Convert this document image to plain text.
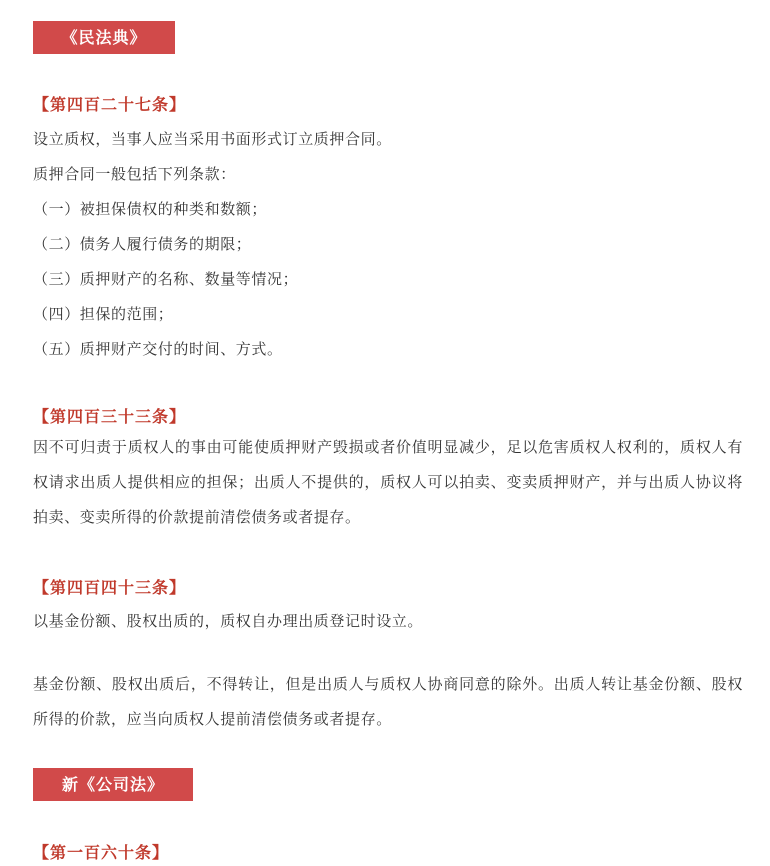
《民法典》
【第四百二十七条】
设立质权，当事人应当采用书面形式订立质押合同。
质押合同一般包括下列条款：
（一）被担保债权的种类和数额；
（二）债务人履行债务的期限；
（三）质押财产的名称、数量等情况；
（四）担保的范围；
（五）质押财产交付的时间、方式。
【第四百三十三条】
因不可归责于质权人的事由可能使质押财产毁损或者价值明显减少，足以危害质权人权利的，质权人有权请求出质人提供相应的担保；出质人不提供的，质权人可以拍卖、变卖质押财产，并与出质人协议将拍卖、变卖所得的价款提前清偿债务或者提存。
【第四百四十三条】
以基金份额、股权出质的，质权自办理出质登记时设立。
基金份额、股权出质后，不得转让，但是出质人与质权人协商同意的除外。出质人转让基金份额、股权所得的价款，应当向质权人提前清偿债务或者提存。
新《公司法》
【第一百六十条】
